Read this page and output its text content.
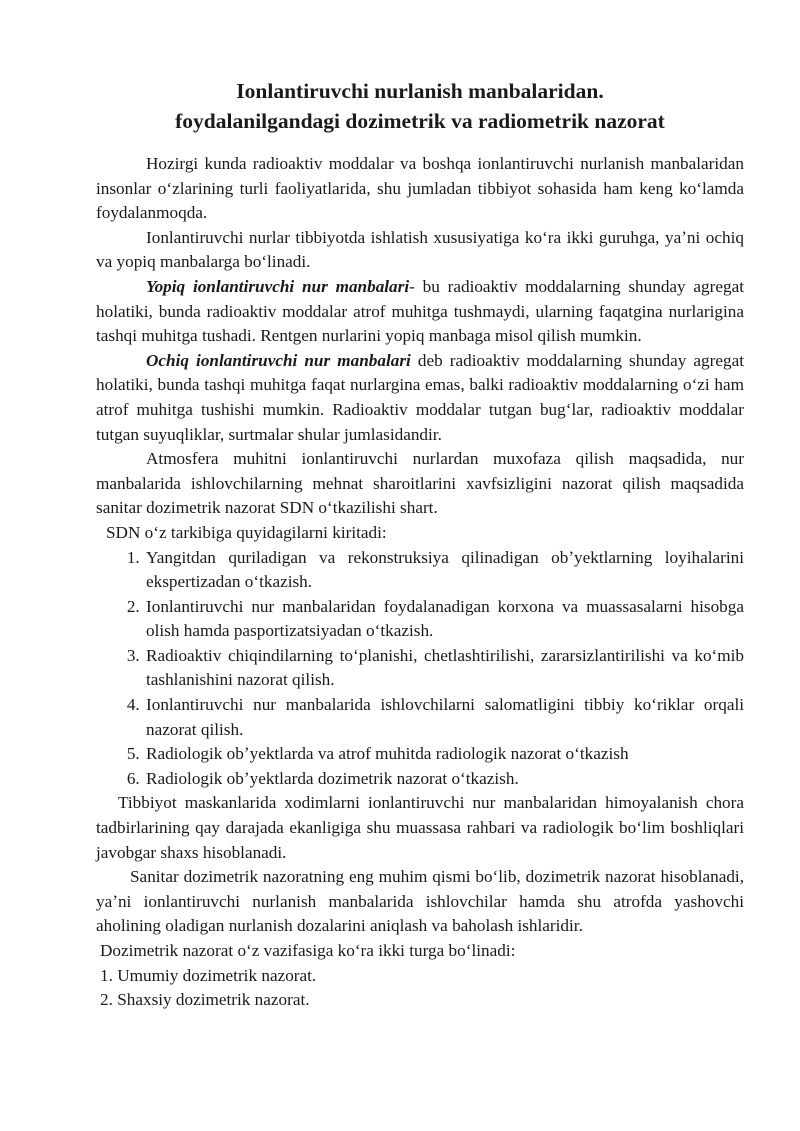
Ionlantiruvchi nurlanish manbalaridan.
foydalanilgandagi dozimetrik va radiometrik nazorat

Hozirgi kunda radioaktiv moddalar va boshqa ionlantiruvchi nurlanish manbalaridan insonlar oʻzlarining turli faoliyatlarida, shu jumladan tibbiyot sohasida ham keng koʻlamda foydalanmoqda.

Ionlantiruvchi nurlar tibbiyotda ishlatish xususiyatiga koʻra ikki guruhga, yaʼni ochiq va yopiq manbalarga boʻlinadi.

Yopiq ionlantiruvchi nur manbalari- bu radioaktiv moddalarning shunday agregat holatiki, bunda radioaktiv moddalar atrof muhitga tushmaydi, ularning faqatgina nurlarigina tashqi muhitga tushadi. Rentgen nurlarini yopiq manbaga misol qilish mumkin.

Ochiq ionlantiruvchi nur manbalari deb radioaktiv moddalarning shunday agregat holatiki, bunda tashqi muhitga faqat nurlargina emas, balki radioaktiv moddalarning oʻzi ham atrof muhitga tushishi mumkin. Radioaktiv moddalar tutgan bugʻlar, radioaktiv moddalar tutgan suyuqliklar, surtmalar shular jumlasidandir.

Atmosfera muhitni ionlantiruvchi nurlardan muxofaza qilish maqsadida, nur manbalarida ishlovchilarning mehnat sharoitlarini xavfsizligini nazorat qilish maqsadida sanitar dozimetrik nazorat SDN oʻtkazilishi shart.

SDN oʻz tarkibiga quyidagilarni kiritadi:

1. Yangitdan quriladigan va rekonstruksiya qilinadigan obʼyektlarning loyihalarini ekspertizadan oʻtkazish.
2. Ionlantiruvchi nur manbalaridan foydalanadigan korxona va muassasalarni hisobga olish hamda pasportizatsiyadan oʻtkazish.
3. Radioaktiv chiqindilarning toʻplanishi, chetlashtirilishi, zararsizlantirilishi va koʻmib tashlanishini nazorat qilish.
4. Ionlantiruvchi nur manbalarida ishlovchilarni salomatligini tibbiy koʻriklar orqali nazorat qilish.
5. Radiologik obʼyektlarda va atrof muhitda radiologik nazorat oʻtkazish
6. Radiologik obʼyektlarda dozimetrik nazorat oʻtkazish.

Tibbiyot maskanlarida xodimlarni ionlantiruvchi nur manbalaridan himoyalanish chora tadbirlarining qay darajada ekanligiga shu muassasa rahbari va radiologik boʻlim boshliqlari javobgar shaxs hisoblanadi.

Sanitar dozimetrik nazoratning eng muhim qismi boʻlib, dozimetrik nazorat hisoblanadi, yaʼni ionlantiruvchi nurlanish manbalarida ishlovchilar hamda shu atrofda yashovchi aholining oladigan nurlanish dozalarini aniqlash va baholash ishlaridir.

Dozimetrik nazorat oʻz vazifasiga koʻra ikki turga boʻlinadi:

1. Umumiy dozimetrik nazorat.

2. Shaxsiy dozimetrik nazorat.
